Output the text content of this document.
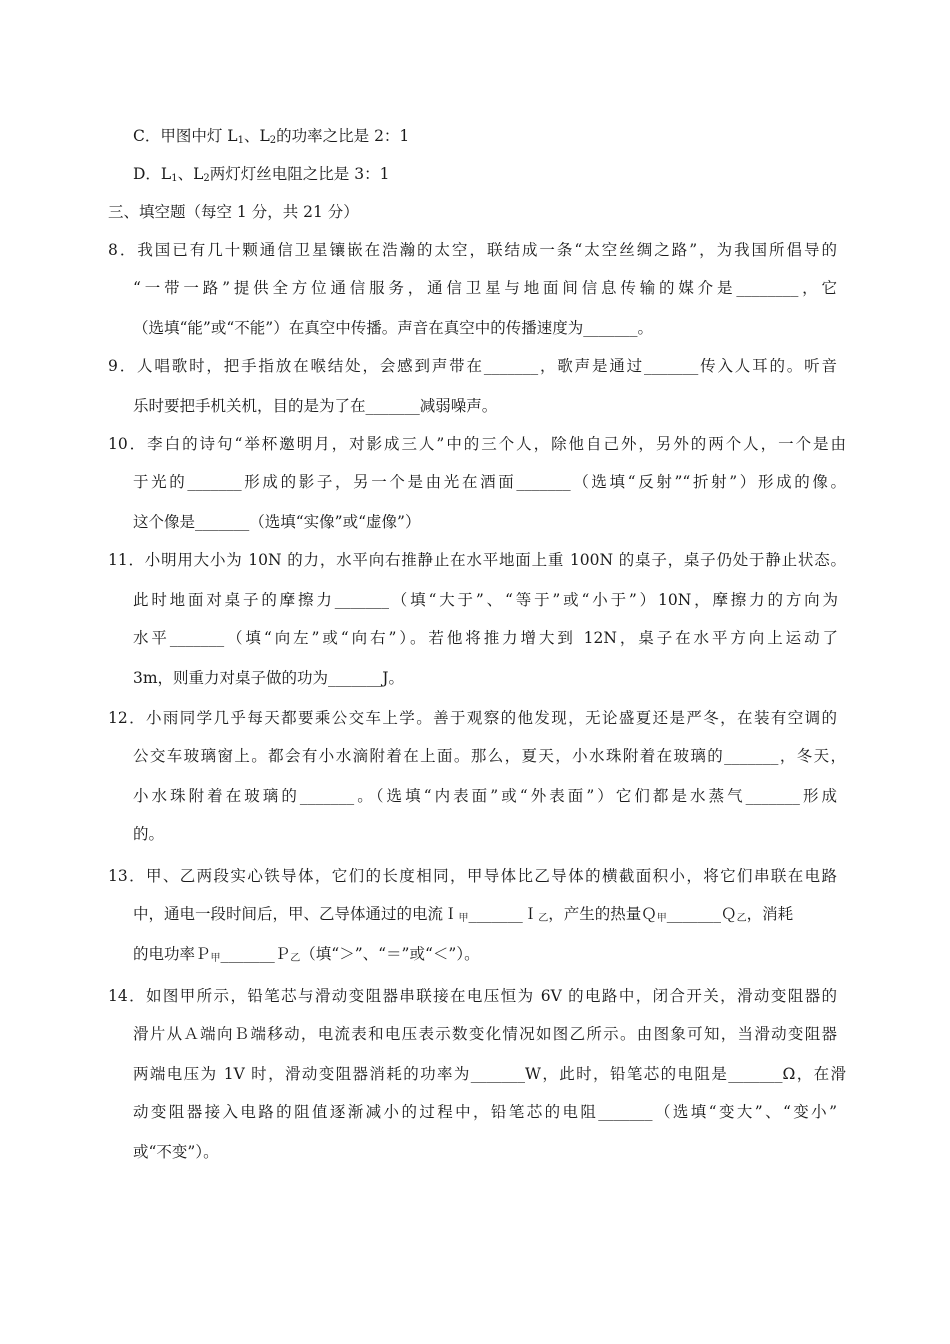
C．甲图中灯 $L_1$、$L_2$的功率之比是 2：1
D．$L_1$、$L_2$两灯灯丝电阻之比是 3：1
三、填空题（每空 1 分，共 21 分）
8．我国已有几十颗通信卫星镶嵌在浩瀚的太空，联结成一条“太空丝绸之路”，为我国所倡导的
“一带一路”提供全方位通信服务，通信卫星与地面间信息传输的媒介是________，它
（选填“能”或“不能”）在真空中传播。声音在真空中的传播速度为_______。
9．人唱歌时，把手指放在喉结处，会感到声带在_______，歌声是通过_______传入人耳的。听音
乐时要把手机关机，目的是为了在_______减弱噪声。
10．李白的诗句“举杯邀明月，对影成三人”中的三个人，除他自己外，另外的两个人，一个是由
于光的_______形成的影子，另一个是由光在酒面_______（选填“反射”“折射”）形成的像。
这个像是_______（选填“实像”或“虚像”）
11．小明用大小为 10N 的力，水平向右推静止在水平地面上重 100N 的桌子，桌子仍处于静止状态。
此时地面对桌子的摩擦力_______（填“大于”、“等于”或“小于”）10N，摩擦力的方向为
水平_______（填“向左”或“向右”）。若他将推力增大到 12N，桌子在水平方向上运动了
3m，则重力对桌子做的功为_______J。
12．小雨同学几乎每天都要乘公交车上学。善于观察的他发现，无论盛夏还是严冬，在装有空调的
公交车玻璃窗上。都会有小水滴附着在上面。那么，夏天，小水珠附着在玻璃的_______，冬天，
小水珠附着在玻璃的_______。（选填“内表面”或“外表面”）它们都是水蒸气_______形成
的。
13．甲、乙两段实心铁导体，它们的长度相同，甲导体比乙导体的横截面积小，将它们串联在电路
中，通电一段时间后，甲、乙导体通过的电流Ｉ$_甲$_______Ｉ$_乙$，产生的热量Ｑ$_甲$_______Ｑ$_乙$，消耗
的电功率Ｐ$_甲$_______Ｐ$_乙$（填“＞”、“＝”或“＜”）。
14．如图甲所示，铅笔芯与滑动变阻器串联接在电压恒为 6V 的电路中，闭合开关，滑动变阻器的
滑片从Ａ端向Ｂ端移动，电流表和电压表示数变化情况如图乙所示。由图象可知，当滑动变阻器
两端电压为 1V 时，滑动变阻器消耗的功率为_______W，此时，铅笔芯的电阻是_______Ω，在滑
动变阻器接入电路的阻值逐渐减小的过程中，铅笔芯的电阻_______（选填“变大”、“变小”
或“不变”）。
